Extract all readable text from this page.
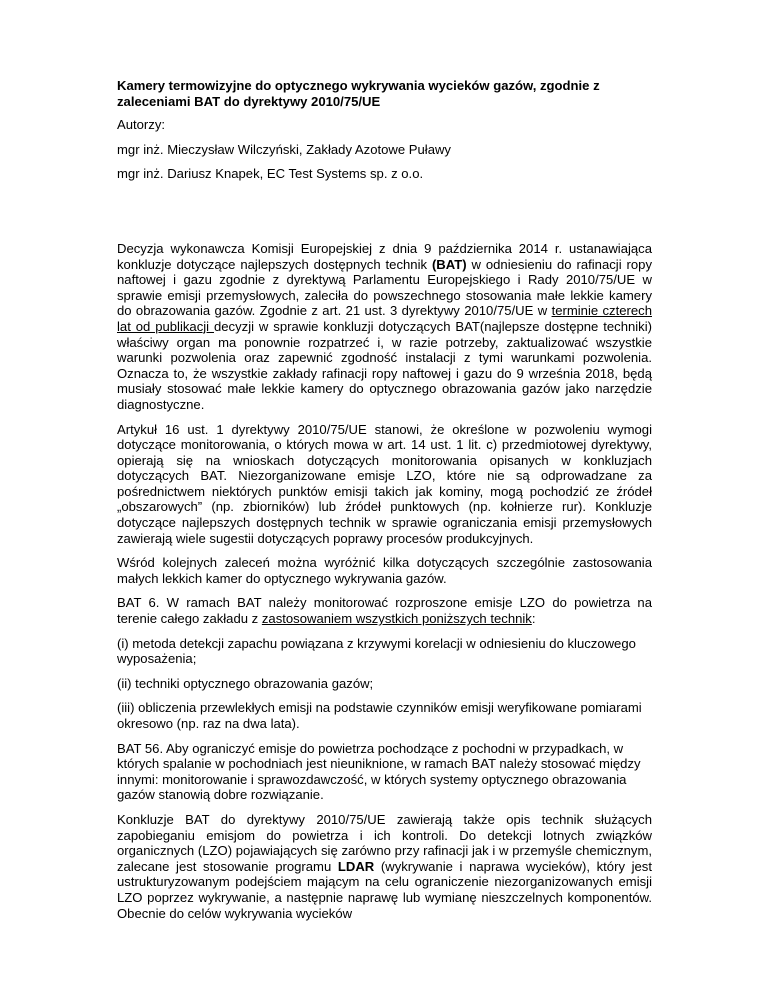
Kamery termowizyjne do optycznego wykrywania wycieków gazów, zgodnie z zaleceniami BAT do dyrektywy 2010/75/UE
Autorzy:
mgr inż. Mieczysław Wilczyński, Zakłady Azotowe Puławy
mgr inż. Dariusz Knapek, EC Test Systems sp. z o.o.
Decyzja wykonawcza Komisji Europejskiej z dnia 9 października 2014 r. ustanawiająca konkluzje dotyczące najlepszych dostępnych technik (BAT) w odniesieniu do rafinacji ropy naftowej i gazu zgodnie z dyrektywą Parlamentu Europejskiego i Rady 2010/75/UE w sprawie emisji przemysłowych, zaleciła do powszechnego stosowania małe lekkie kamery do obrazowania gazów. Zgodnie z art. 21 ust. 3 dyrektywy 2010/75/UE w terminie czterech lat od publikacji decyzji w sprawie konkluzji dotyczących BAT(najlepsze dostępne techniki) właściwy organ ma ponownie rozpatrzeć i, w razie potrzeby, zaktualizować wszystkie warunki pozwolenia oraz zapewnić zgodność instalacji z tymi warunkami pozwolenia. Oznacza to, że wszystkie zakłady rafinacji ropy naftowej i gazu do 9 września 2018, będą musiały stosować małe lekkie kamery do optycznego obrazowania gazów jako narzędzie diagnostyczne.
Artykuł 16 ust. 1 dyrektywy 2010/75/UE stanowi, że określone w pozwoleniu wymogi dotyczące monitorowania, o których mowa w art. 14 ust. 1 lit. c) przedmiotowej dyrektywy, opierają się na wnioskach dotyczących monitorowania opisanych w konkluzjach dotyczących BAT. Niezorganizowane emisje LZO, które nie są odprowadzane za pośrednictwem niektórych punktów emisji takich jak kominy, mogą pochodzić ze źródeł „obszarowych” (np. zbiorników) lub źródeł punktowych (np. kołnierze rur). Konkluzje dotyczące najlepszych dostępnych technik w sprawie ograniczania emisji przemysłowych zawierają wiele sugestii dotyczących poprawy procesów produkcyjnych.
Wśród kolejnych zaleceń można wyróżnić kilka dotyczących szczególnie zastosowania małych lekkich kamer do optycznego wykrywania gazów.
BAT 6. W ramach BAT należy monitorować rozproszone emisje LZO do powietrza na terenie całego zakładu z zastosowaniem wszystkich poniższych technik:
(i) metoda detekcji zapachu powiązana z krzywymi korelacji w odniesieniu do kluczowego wyposażenia;
(ii) techniki optycznego obrazowania gazów;
(iii) obliczenia przewlekłych emisji na podstawie czynników emisji weryfikowane pomiarami okresowo (np. raz na dwa lata).
BAT 56. Aby ograniczyć emisje do powietrza pochodzące z pochodni w przypadkach, w których spalanie w pochodniach jest nieuniknione, w ramach BAT należy stosować między innymi: monitorowanie i sprawozdawczość, w których systemy optycznego obrazowania gazów stanowią dobre rozwiązanie.
Konkluzje BAT do dyrektywy 2010/75/UE zawierają także opis technik służących zapobieganiu emisjom do powietrza i ich kontroli. Do detekcji lotnych związków organicznych (LZO) pojawiających się zarówno przy rafinacji jak i w przemyśle chemicznym, zalecane jest stosowanie programu LDAR (wykrywanie i naprawa wycieków), który jest ustrukturyzowanym podejściem mającym na celu ograniczenie niezorganizowanych emisji LZO poprzez wykrywanie, a następnie naprawę lub wymianę nieszczelnych komponentów. Obecnie do celów wykrywania wycieków
